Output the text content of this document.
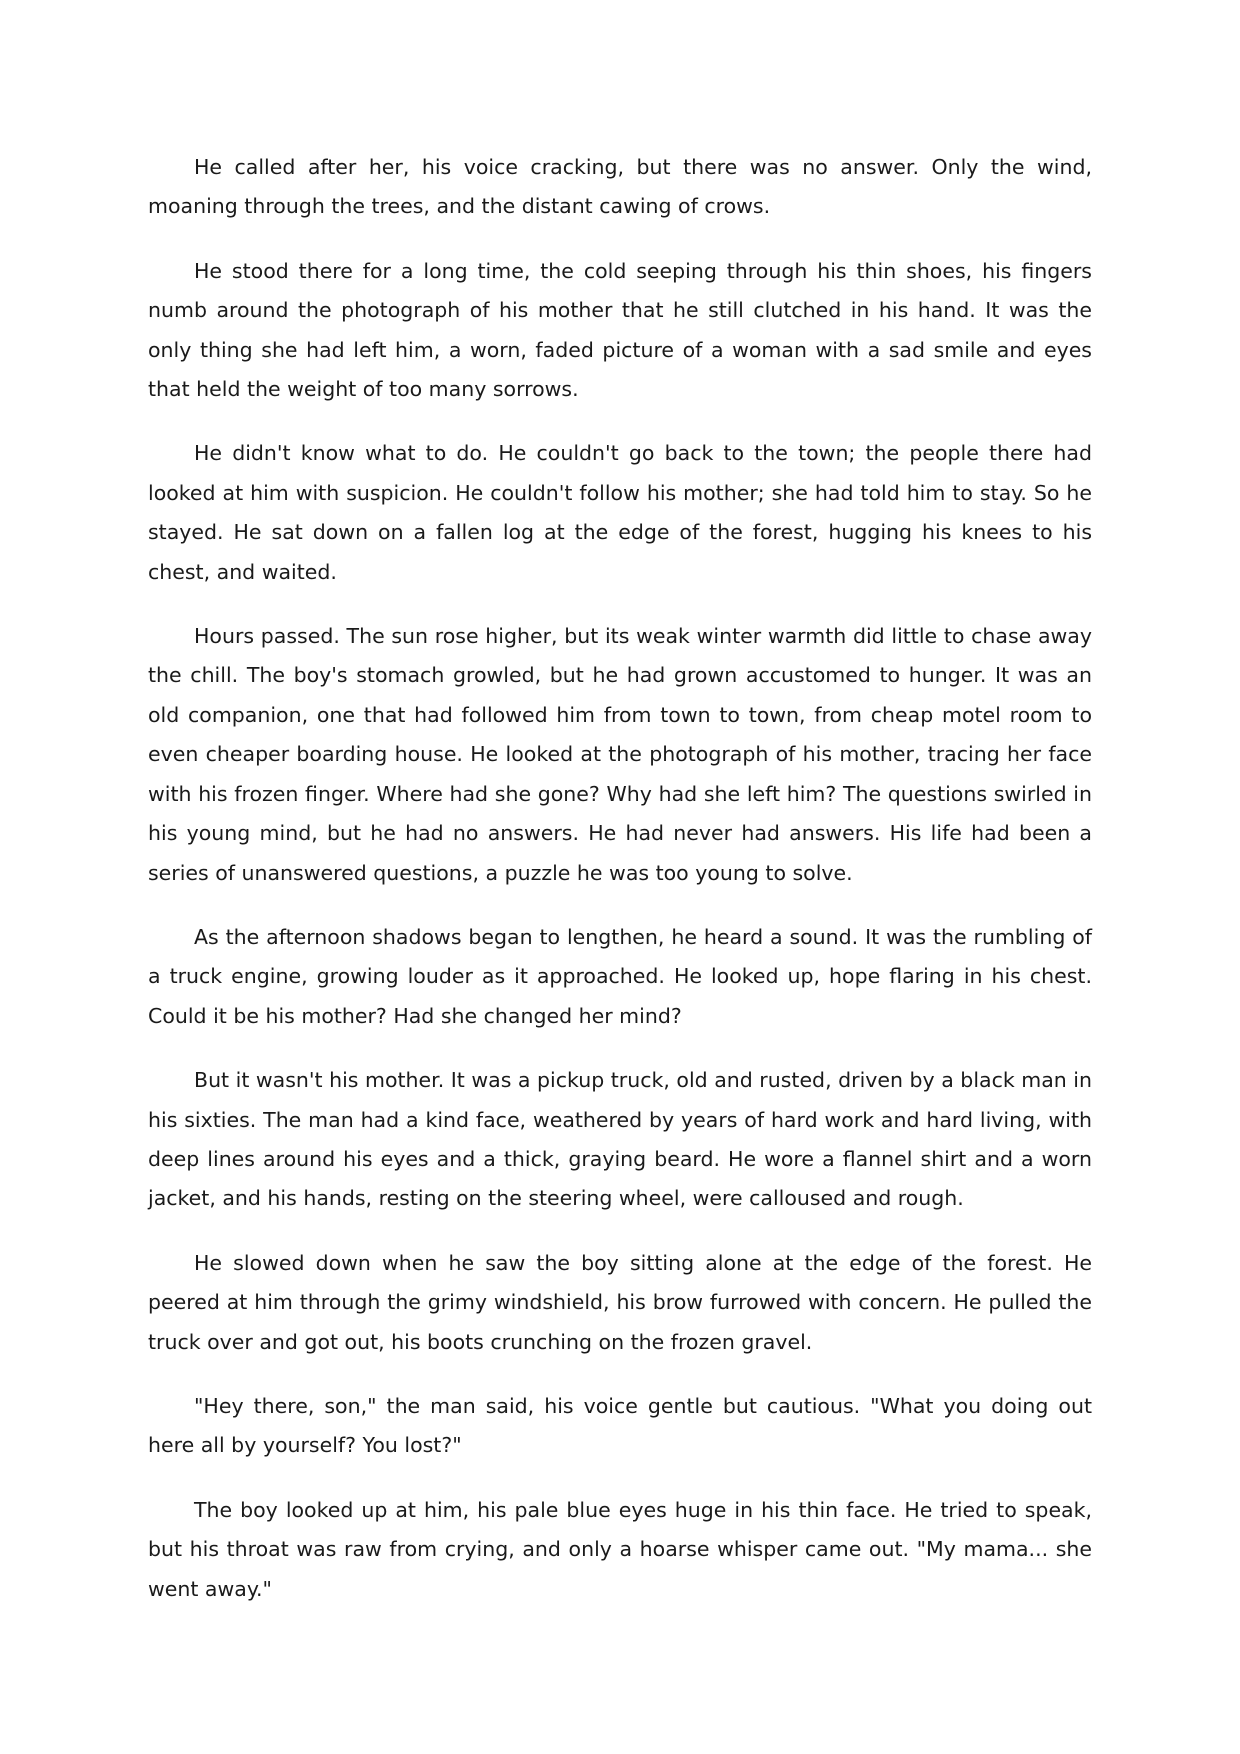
He called after her, his voice cracking, but there was no answer. Only the wind, moaning through the trees, and the distant cawing of crows.

He stood there for a long time, the cold seeping through his thin shoes, his fingers numb around the photograph of his mother that he still clutched in his hand. It was the only thing she had left him, a worn, faded picture of a woman with a sad smile and eyes that held the weight of too many sorrows.

He didn't know what to do. He couldn't go back to the town; the people there had looked at him with suspicion. He couldn't follow his mother; she had told him to stay. So he stayed. He sat down on a fallen log at the edge of the forest, hugging his knees to his chest, and waited.

Hours passed. The sun rose higher, but its weak winter warmth did little to chase away the chill. The boy's stomach growled, but he had grown accustomed to hunger. It was an old companion, one that had followed him from town to town, from cheap motel room to even cheaper boarding house. He looked at the photograph of his mother, tracing her face with his frozen finger. Where had she gone? Why had she left him? The questions swirled in his young mind, but he had no answers. He had never had answers. His life had been a series of unanswered questions, a puzzle he was too young to solve.

As the afternoon shadows began to lengthen, he heard a sound. It was the rumbling of a truck engine, growing louder as it approached. He looked up, hope flaring in his chest. Could it be his mother? Had she changed her mind?

But it wasn't his mother. It was a pickup truck, old and rusted, driven by a black man in his sixties. The man had a kind face, weathered by years of hard work and hard living, with deep lines around his eyes and a thick, graying beard. He wore a flannel shirt and a worn jacket, and his hands, resting on the steering wheel, were calloused and rough.

He slowed down when he saw the boy sitting alone at the edge of the forest. He peered at him through the grimy windshield, his brow furrowed with concern. He pulled the truck over and got out, his boots crunching on the frozen gravel.

"Hey there, son," the man said, his voice gentle but cautious. "What you doing out here all by yourself? You lost?"

The boy looked up at him, his pale blue eyes huge in his thin face. He tried to speak, but his throat was raw from crying, and only a hoarse whisper came out. "My mama... she went away."
